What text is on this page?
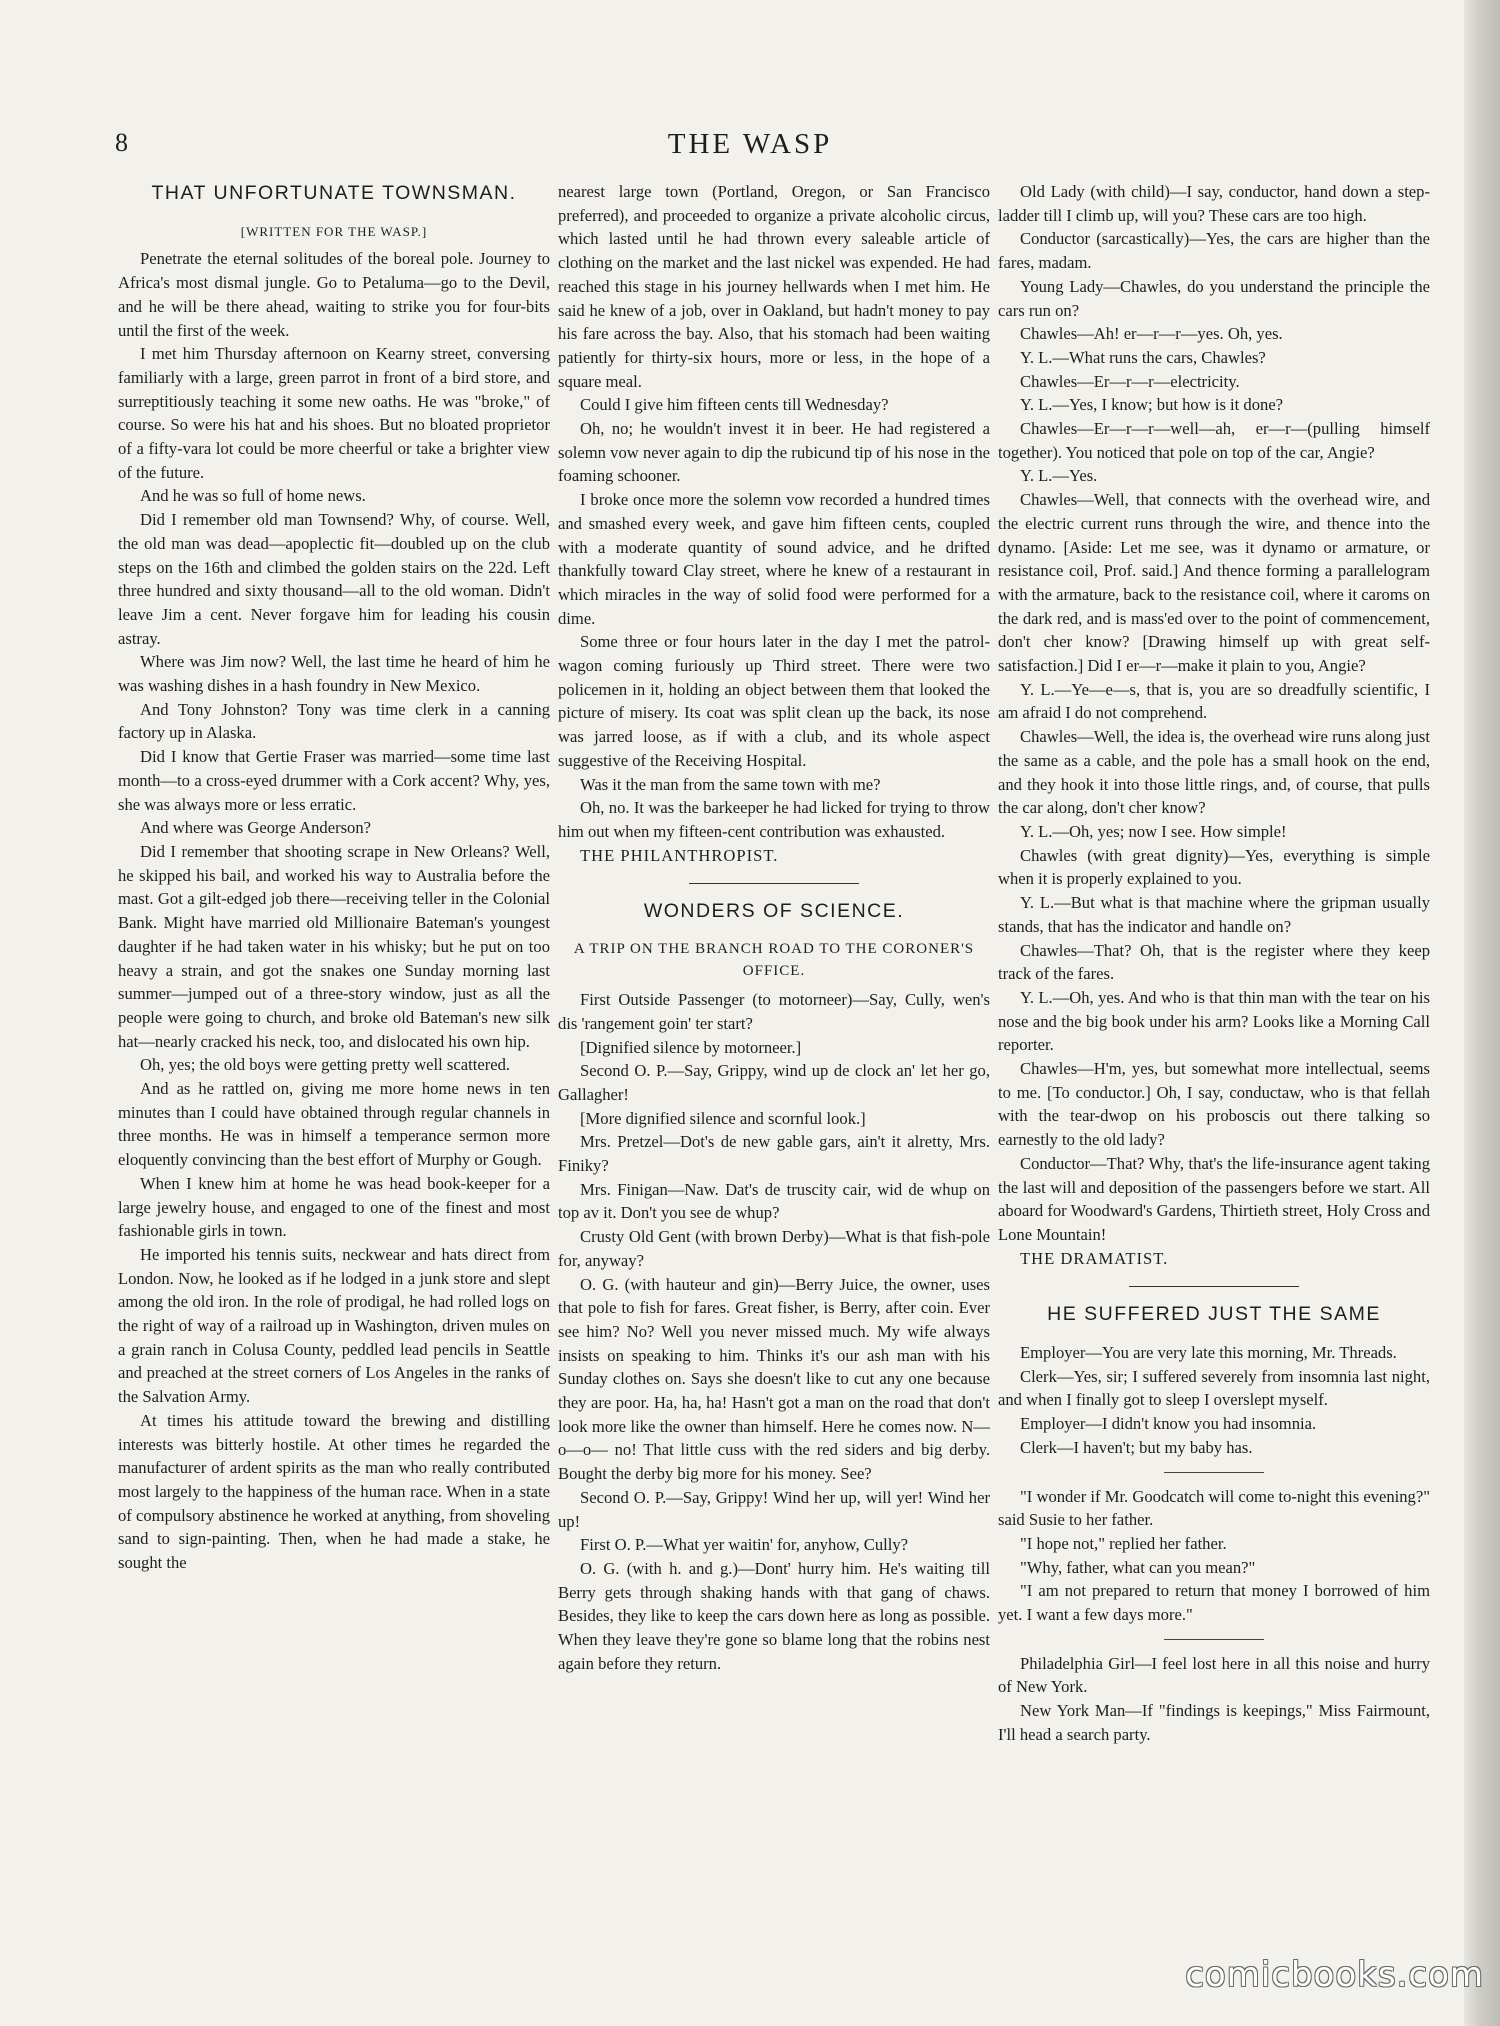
8	THE WASP
THAT UNFORTUNATE TOWNSMAN.
[WRITTEN FOR THE WASP.]

Penetrate the eternal solitudes of the boreal pole. Journey to Africa's most dismal jungle. Go to Petaluma—go to the Devil, and he will be there ahead, waiting to strike you for four-bits until the first of the week.

I met him Thursday afternoon on Kearny street, conversing familiarly with a large, green parrot in front of a bird store, and surreptitiously teaching it some new oaths. He was "broke," of course. So were his hat and his shoes. But no bloated proprietor of a fifty-vara lot could be more cheerful or take a brighter view of the future.

And he was so full of home news.

Did I remember old man Townsend? Why, of course. Well, the old man was dead—apoplectic fit—doubled up on the club steps on the 16th and climbed the golden stairs on the 22d. Left three hundred and sixty thousand—all to the old woman. Didn't leave Jim a cent. Never forgave him for leading his cousin astray.

Where was Jim now? Well, the last time he heard of him he was washing dishes in a hash foundry in New Mexico.

And Tony Johnston? Tony was time clerk in a canning factory up in Alaska.

Did I know that Gertie Fraser was married—some time last month—to a cross-eyed drummer with a Cork accent? Why, yes, she was always more or less erratic.

And where was George Anderson?

Did I remember that shooting scrape in New Orleans? Well, he skipped his bail, and worked his way to Australia before the mast. Got a gilt-edged job there—receiving teller in the Colonial Bank. Might have married old Millionaire Bateman's youngest daughter if he had taken water in his whisky; but he put on too heavy a strain, and got the snakes one Sunday morning last summer—jumped out of a three-story window, just as all the people were going to church, and broke old Bateman's new silk hat—nearly cracked his neck, too, and dislocated his own hip.

Oh, yes; the old boys were getting pretty well scattered.

And as he rattled on, giving me more home news in ten minutes than I could have obtained through regular channels in three months. He was in himself a temperance sermon more eloquently convincing than the best effort of Murphy or Gough.

When I knew him at home he was head book-keeper for a large jewelry house, and engaged to one of the finest and most fashionable girls in town.

He imported his tennis suits, neckwear and hats direct from London. Now, he looked as if he lodged in a junk store and slept among the old iron. In the role of prodigal, he had rolled logs on the right of way of a railroad up in Washington, driven mules on a grain ranch in Colusa County, peddled lead pencils in Seattle and preached at the street corners of Los Angeles in the ranks of the Salvation Army.

At times his attitude toward the brewing and distilling interests was bitterly hostile. At other times he regarded the manufacturer of ardent spirits as the man who really contributed most largely to the happiness of the human race. When in a state of compulsory abstinence he worked at anything, from shoveling sand to sign-painting. Then, when he had made a stake, he sought the

nearest large town (Portland, Oregon, or San Francisco preferred), and proceeded to organize a private alcoholic circus, which lasted until he had thrown every saleable article of clothing on the market and the last nickel was expended. He had reached this stage in his journey hellwards when I met him. He said he knew of a job, over in Oakland, but hadn't money to pay his fare across the bay. Also, that his stomach had been waiting patiently for thirty-six hours, more or less, in the hope of a square meal.

Could I give him fifteen cents till Wednesday?

Oh, no; he wouldn't invest it in beer. He had registered a solemn vow never again to dip the rubicund tip of his nose in the foaming schooner.

I broke once more the solemn vow recorded a hundred times and smashed every week, and gave him fifteen cents, coupled with a moderate quantity of sound advice, and he drifted thankfully toward Clay street, where he knew of a restaurant in which miracles in the way of solid food were performed for a dime.

Some three or four hours later in the day I met the patrol-wagon coming furiously up Third street. There were two policemen in it, holding an object between them that looked the picture of misery. Its coat was split clean up the back, its nose was jarred loose, as if with a club, and its whole aspect suggestive of the Receiving Hospital.

Was it the man from the same town with me?

Oh, no. It was the barkeeper he had licked for trying to throw him out when my fifteen-cent contribution was exhausted.

THE PHILANTHROPIST.

WONDERS OF SCIENCE.
A TRIP ON THE BRANCH ROAD TO THE CORONER'S OFFICE.

First Outside Passenger (to motorneer)—Say, Cully, wen's dis 'rangement goin' ter start?

[Dignified silence by motorneer.]

Second O. P.—Say, Grippy, wind up de clock an' let her go, Gallagher!

[More dignified silence and scornful look.]

Mrs. Pretzel—Dot's de new gable gars, ain't it alretty, Mrs. Finiky?

Mrs. Finigan—Naw. Dat's de truscity cair, wid de whup on top av it. Don't you see de whup?

Crusty Old Gent (with brown Derby)—What is that fish-pole for, anyway?

O. G. (with hauteur and gin)—Berry Juice, the owner, uses that pole to fish for fares. Great fisher, is Berry, after coin. Ever see him? No? Well you never missed much. My wife always insists on speaking to him. Thinks it's our ash man with his Sunday clothes on. Says she doesn't like to cut any one because they are poor. Ha, ha, ha! Hasn't got a man on the road that don't look more like the owner than himself. Here he comes now. N—o—o— no! That little cuss with the red siders and big derby. Bought the derby big more for his money. See?

Second O. P.—Say, Grippy! Wind her up, will yer! Wind her up!

First O. P.—What yer waitin' for, anyhow, Cully?

O. G. (with h. and g.)—Dont' hurry him. He's waiting till Berry gets through shaking hands with that gang of chaws. Besides, they like to keep the cars down here as long as possible. When they leave they're gone so blame long that the robins nest again before they return.

Old Lady (with child)—I say, conductor, hand down a step-ladder till I climb up, will you? These cars are too high.

Conductor (sarcastically)—Yes, the cars are higher than the fares, madam.

Young Lady—Chawles, do you understand the principle the cars run on?

Chawles—Ah! er—r—r—yes. Oh, yes.

Y. L.—What runs the cars, Chawles?

Chawles—Er—r—r—electricity.

Y. L.—Yes, I know; but how is it done?

Chawles—Er—r—r—well—ah, er—r—(pulling himself together). You noticed that pole on top of the car, Angie?

Y. L.—Yes.

Chawles—Well, that connects with the overhead wire, and the electric current runs through the wire, and thence into the dynamo. [Aside: Let me see, was it dynamo or armature, or resistance coil, Prof. said.] And thence forming a parallelogram with the armature, back to the resistance coil, where it caroms on the dark red, and is mass'ed over to the point of commencement, don't cher know? [Drawing himself up with great self-satisfaction.] Did I er—r—make it plain to you, Angie?

Y. L.—Ye—e—s, that is, you are so dreadfully scientific, I am afraid I do not comprehend.

Chawles—Well, the idea is, the overhead wire runs along just the same as a cable, and the pole has a small hook on the end, and they hook it into those little rings, and, of course, that pulls the car along, don't cher know?

Y. L.—Oh, yes; now I see. How simple!

Chawles (with great dignity)—Yes, everything is simple when it is properly explained to you.

Y. L.—But what is that machine where the gripman usually stands, that has the indicator and handle on?

Chawles—That? Oh, that is the register where they keep track of the fares.

Y. L.—Oh, yes. And who is that thin man with the tear on his nose and the big book under his arm? Looks like a Morning Call reporter.

Chawles—H'm, yes, but somewhat more intellectual, seems to me. [To conductor.] Oh, I say, conductaw, who is that fellah with the tear-dwop on his proboscis out there talking so earnestly to the old lady?

Conductor—That? Why, that's the life-insurance agent taking the last will and deposition of the passengers before we start. All aboard for Woodward's Gardens, Thirtieth street, Holy Cross and Lone Mountain!

THE DRAMATIST.

HE SUFFERED JUST THE SAME

Employer—You are very late this morning, Mr. Threads.

Clerk—Yes, sir; I suffered severely from insomnia last night, and when I finally got to sleep I overslept myself.

Employer—I didn't know you had insomnia.

Clerk—I haven't; but my baby has.

"I wonder if Mr. Goodcatch will come to-night this evening?" said Susie to her father.

"I hope not," replied her father.

"Why, father, what can you mean?"

"I am not prepared to return that money I borrowed of him yet. I want a few days more."

Philadelphia Girl—I feel lost here in all this noise and hurry of New York.

New York Man—If "findings is keepings," Miss Fairmount, I'll head a search party.

comicbooks.com
